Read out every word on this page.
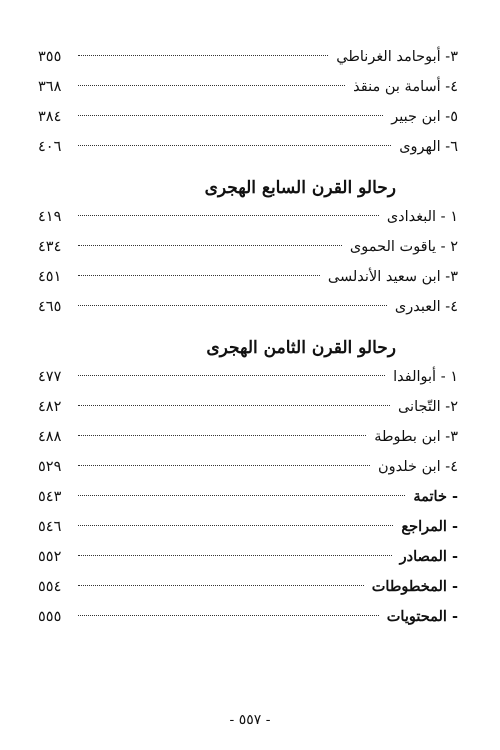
٣- أبوحامد الغرناطي
٣٥٥
٤- أسامة بن منقذ
٣٦٨
٥- ابن جبير
٣٨٤
٦- الهروى
٤٠٦
رحالو القرن السابع الهجرى
١ - البغدادى
٤١٩
٢ - ياقوت الحموى
٤٣٤
٣- ابن سعيد الأندلسى
٤٥١
٤- العبدرى
٤٦٥
رحالو القرن الثامن الهجرى
١ - أبوالفدا
٤٧٧
٢- التّجانى
٤٨٢
٣- ابن بطوطة
٤٨٨
٤- ابن خلدون
٥٢٩
- خاتمة
٥٤٣
- المراجع
٥٤٦
- المصادر
٥٥٢
- المخطوطات
٥٥٤
- المحتويات
٥٥٥
- ٥٥٧ -
